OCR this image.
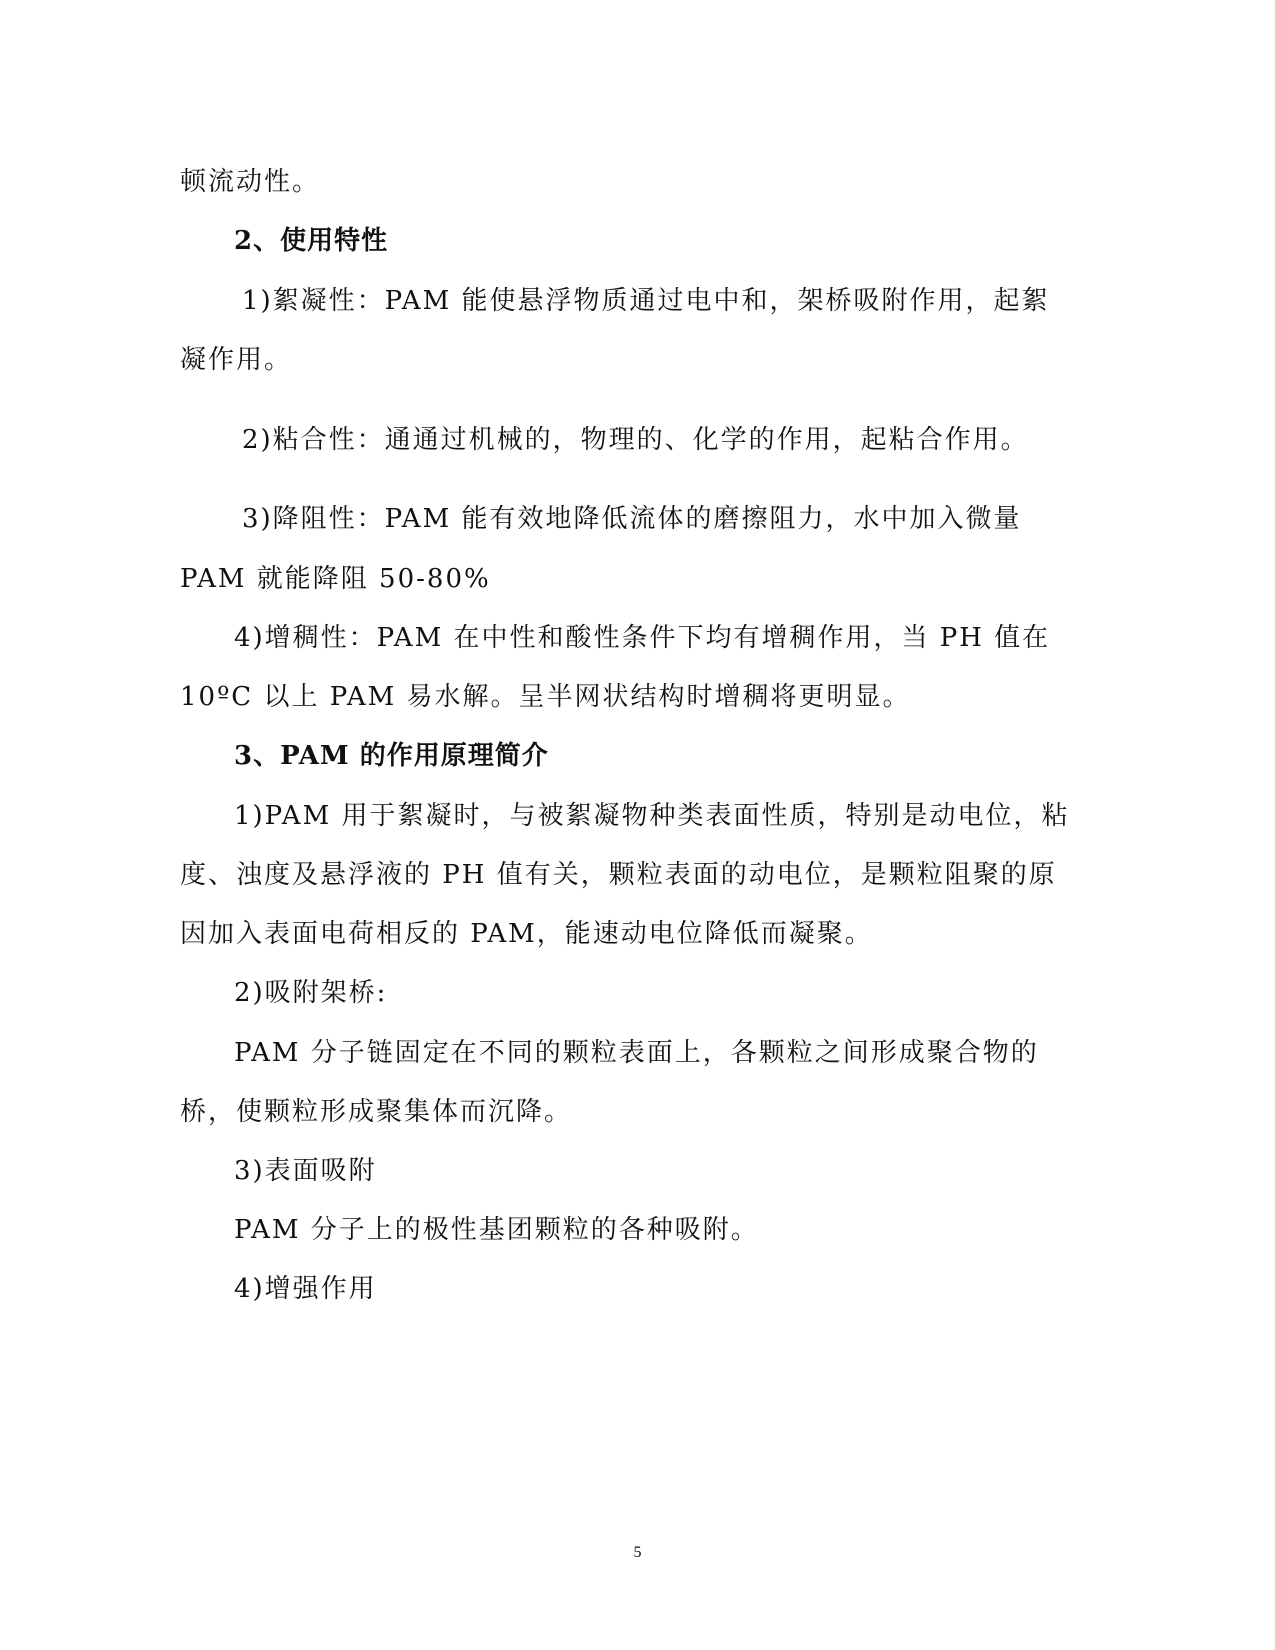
顿流动性。
2、使用特性
1)絮凝性：PAM 能使悬浮物质通过电中和，架桥吸附作用，起絮
凝作用。
2)粘合性：通通过机械的，物理的、化学的作用，起粘合作用。
3)降阻性：PAM 能有效地降低流体的磨擦阻力，水中加入微量
PAM 就能降阻 50-80%
4)增稠性：PAM 在中性和酸性条件下均有增稠作用，当 PH 值在
10ºC 以上 PAM 易水解。呈半网状结构时增稠将更明显。
3、PAM 的作用原理简介
1)PAM 用于絮凝时，与被絮凝物种类表面性质，特别是动电位，粘
度、浊度及悬浮液的 PH 值有关，颗粒表面的动电位，是颗粒阻聚的原
因加入表面电荷相反的 PAM，能速动电位降低而凝聚。
2)吸附架桥:
PAM 分子链固定在不同的颗粒表面上，各颗粒之间形成聚合物的
桥，使颗粒形成聚集体而沉降。
3)表面吸附
PAM 分子上的极性基团颗粒的各种吸附。
4)增强作用
5
